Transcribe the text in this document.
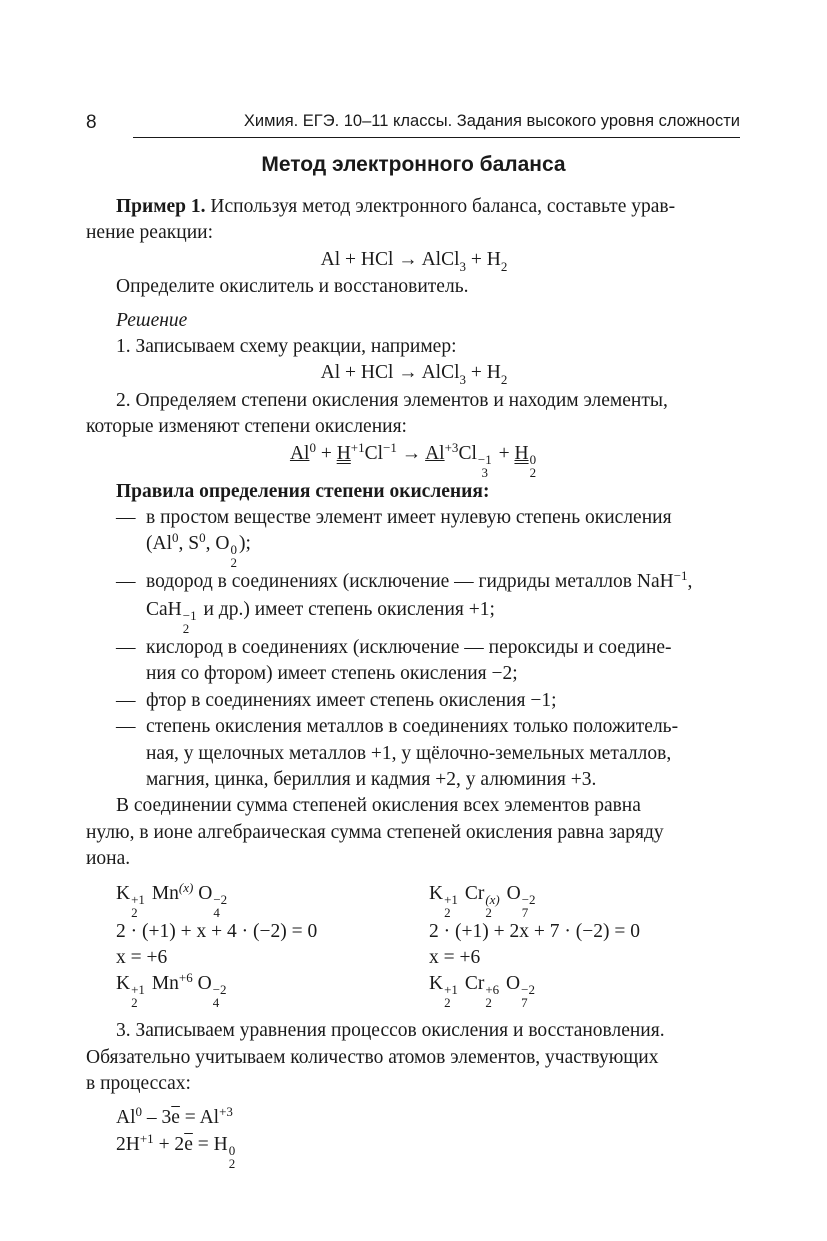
8	Химия. ЕГЭ. 10–11 классы. Задания высокого уровня сложности
Метод электронного баланса

Пример 1. Используя метод электронного баланса, составьте урав-

нение реакции:

Al + HCl → AlCl$_3$ + $H_2$

Определите окислитель и восстановитель.

Решение

1. Записываем схему реакции, например:

Al + HCl → AlCl$_3$ + $H_2$

2. Определяем степени окисления элементов и находим элементы,

которые изменяют степени окисления:

$Al^0 + H^{+1}Cl^{-1} \to Al^{+3}Cl -1$
3
+ H 0
2

Правила определения степени окисления:

— в простом веществе элемент имеет нулевую степень окисления

(Al$^0$, $S^0$, O 0
2
);

— водород в соединениях (исключение — гидриды металлов NaH$^{-1}$,

CaH −1
2
и др.) имеет степень окисления +1;

— кислород в соединениях (исключение — пероксиды и соедине-

ния со фтором) имеет степень окисления −2;

— фтор в соединениях имеет степень окисления −1;

— степень окисления металлов в соединениях только положитель-

ная, у щелочных металлов +1, у щёлочно-земельных металлов,

магния, цинка, бериллия и кадмия +2, у алюминия +3.

В соединении сумма степеней окисления всех элементов равна

нулю, в ионе алгебраическая сумма степеней окисления равна заряду

иона.

K +1
2
Mn$^{(x)}$ O −2
4

2 · (+1) + x + 4 · (−2) = 0

x = +6

K +1
2
$Mn^{+6}$ O −2
4

K +1
2
Cr (x)
2
O −2
7

2 · (+1) + 2x + 7 · (−2) = 0

x = +6

K +1
2
Cr +6
2
O −2
7

3. Записываем уравнения процессов окисления и восстановления.

Обязательно учитываем количество атомов элементов, участвующих

в процессах:

$Al^0 - 3\overline{e} = Al^{+3}$

$2H^{+1} + 2\overline{e} = H$ 0
2
